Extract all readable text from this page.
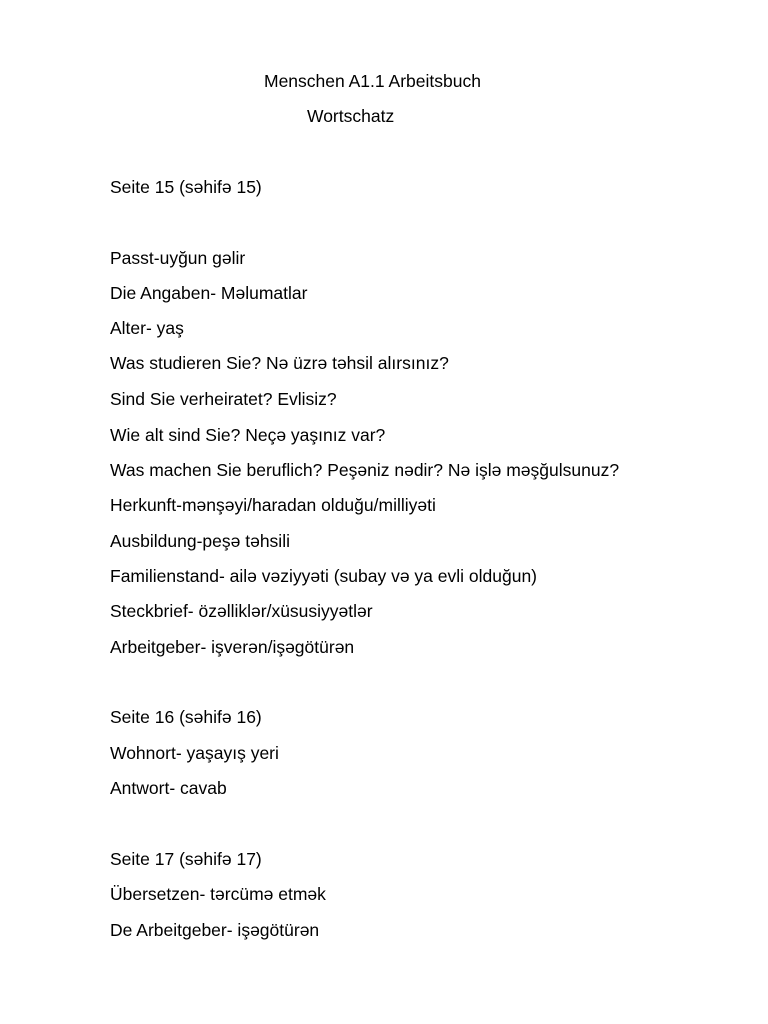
Menschen A1.1 Arbeitsbuch
Wortschatz
Seite 15 (səhifə 15)
Passt-uyğun gəlir
Die Angaben- Məlumatlar
Alter- yaş
Was studieren Sie? Nə üzrə təhsil alırsınız?
Sind Sie verheiratet? Evlisiz?
Wie alt sind Sie? Neçə yaşınız var?
Was machen Sie beruflich? Peşəniz nədir? Nə işlə məşğulsunuz?
Herkunft-mənşəyi/haradan olduğu/milliyəti
Ausbildung-peşə təhsili
Familienstand- ailə vəziyyəti (subay və ya evli olduğun)
Steckbrief- özəlliklər/xüsusiyyətlər
Arbeitgeber- işverən/işəgötürən
Seite 16 (səhifə 16)
Wohnort- yaşayış yeri
Antwort- cavab
Seite 17 (səhifə 17)
Übersetzen- tərcümə etmək
De Arbeitgeber- işəgötürən
